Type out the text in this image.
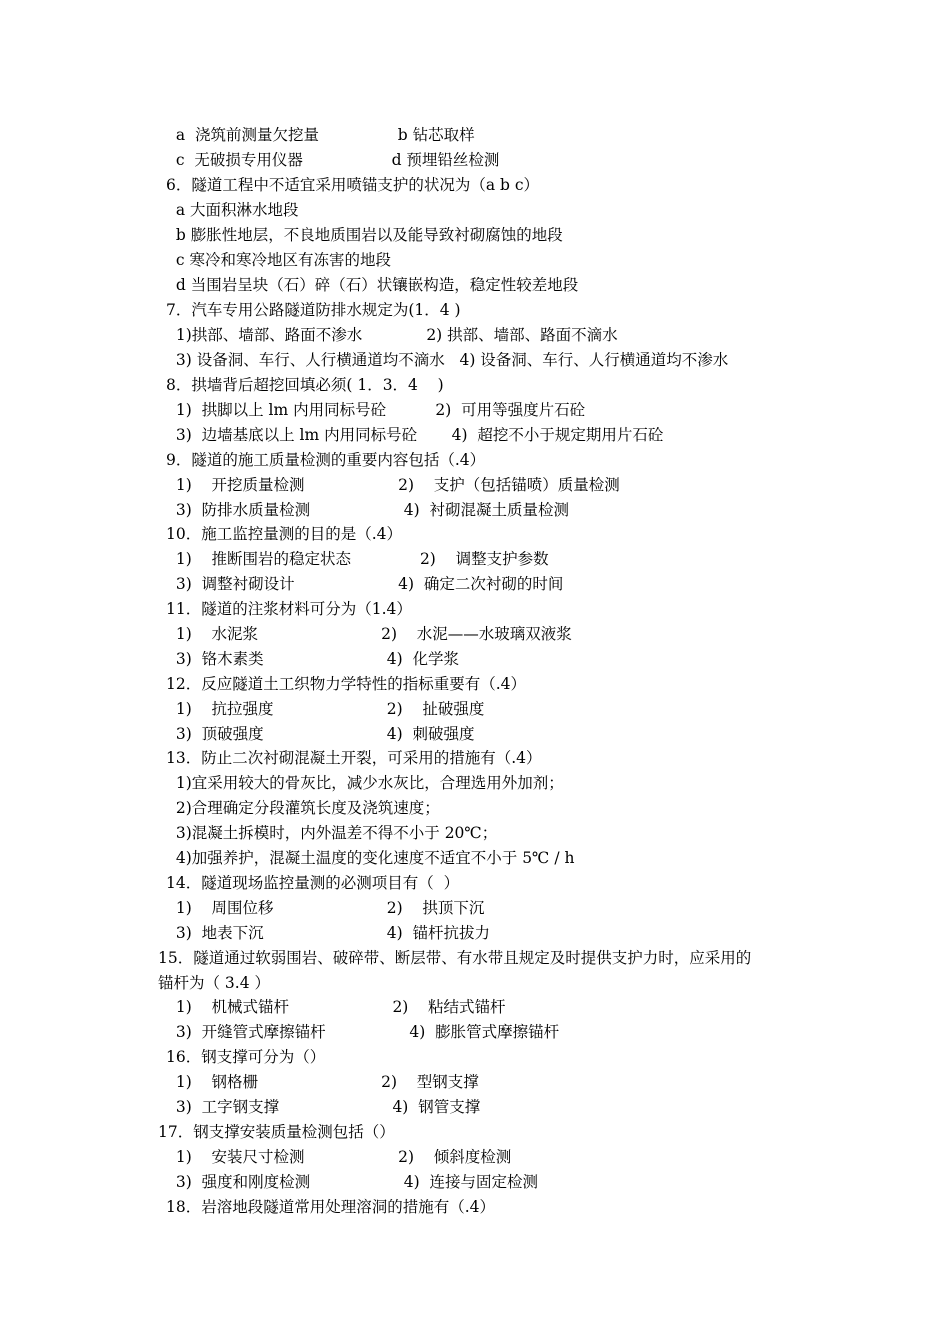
a  浇筑前测量欠挖量                b 钻芯取样
c  无破损专用仪器                  d 预埋铅丝检测
6．隧道工程中不适宜采用喷锚支护的状况为（a b c）
a 大面积淋水地段
b 膨胀性地层，不良地质围岩以及能导致衬砌腐蚀的地段
c 寒冷和寒冷地区有冻害的地段
d 当围岩呈块（石）碎（石）状镶嵌构造，稳定性较差地段
7．汽车专用公路隧道防排水规定为(1．4 )
1)拱部、墙部、路面不渗水             2) 拱部、墙部、路面不滴水
3) 设备洞、车行、人行横通道均不滴水   4) 设备洞、车行、人行横通道均不渗水
8．拱墙背后超挖回填必须( 1．3．4    )
1)  拱脚以上 lm 内用同标号砼          2)  可用等强度片石砼
3)  边墙基底以上 lm 内用同标号砼       4)  超挖不小于规定期用片石砼
9．隧道的施工质量检测的重要内容包括（.4）
1)    开挖质量检测                   2)    支护（包括锚喷）质量检测
3)  防排水质量检测                   4)  衬砌混凝土质量检测
10．施工监控量测的目的是（.4）
1)    推断围岩的稳定状态              2)    调整支护参数
3)  调整衬砌设计                     4)  确定二次衬砌的时间
11．隧道的注浆材料可分为（1.4）
1)    水泥浆                         2)    水泥——水玻璃双液浆
3)  铬木素类                         4)  化学浆
12．反应隧道土工织物力学特性的指标重要有（.4）
1)    抗拉强度                       2)    扯破强度
3)  顶破强度                         4)  刺破强度
13．防止二次衬砌混凝土开裂，可采用的措施有（.4）
1)宜采用较大的骨灰比，减少水灰比，合理选用外加剂；
2)合理确定分段灌筑长度及浇筑速度；
3)混凝土拆模时，内外温差不得不小于 20℃；
4)加强养护，混凝土温度的变化速度不适宜不小于 5℃ / h
14．隧道现场监控量测的必测项目有（  ）
1)    周围位移                       2)    拱顶下沉
3)  地表下沉                         4)  锚杆抗拔力
15．隧道通过软弱围岩、破碎带、断层带、有水带且规定及时提供支护力时，应采用的
锚杆为（ 3.4 ）
1)    机械式锚杆                     2)    粘结式锚杆
3)  开缝管式摩擦锚杆                 4)  膨胀管式摩擦锚杆
16．钢支撑可分为（）
1)    钢格栅                         2)    型钢支撑
3)  工字钢支撑                       4)  钢管支撑
17．钢支撑安装质量检测包括（）
1)    安装尺寸检测                   2)    倾斜度检测
3)  强度和刚度检测                   4)  连接与固定检测
18．岩溶地段隧道常用处理溶洞的措施有（.4）
